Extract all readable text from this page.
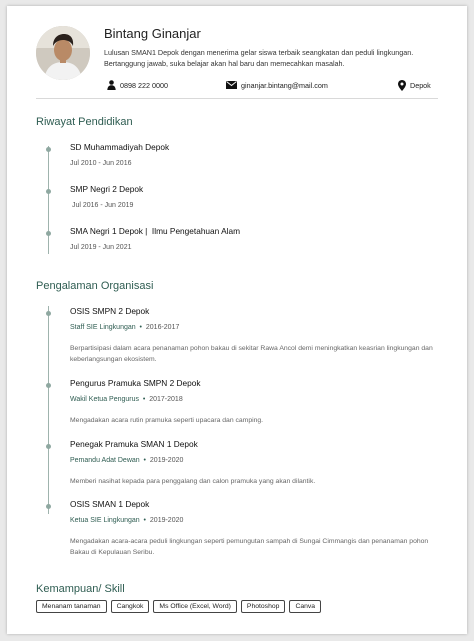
Bintang Ginanjar
Lulusan SMAN1 Depok dengan menerima gelar siswa terbaik seangkatan dan peduli lingkungan. Bertanggung jawab, suka belajar akan hal baru dan memecahkan masalah.
0898 222 0000	ginanjar.bintang@mail.com	Depok
Riwayat Pendidikan
SD Muhammadiyah Depok
Jul 2010 - Jun 2016
SMP Negri 2 Depok
Jul 2016 - Jun 2019
SMA Negri 1 Depok |  Ilmu Pengetahuan Alam
Jul 2019 - Jun 2021
Pengalaman Organisasi
OSIS SMPN 2 Depok
Staff SIE Lingkungan  •  2016-2017
Berpartisipasi dalam acara penanaman pohon bakau di sekitar Rawa Ancol demi meningkatkan keasrian lingkungan dan keberlangsungan ekosistem.
Pengurus Pramuka SMPN 2 Depok
Wakil Ketua Pengurus  •  2017-2018
Mengadakan acara rutin pramuka seperti upacara dan camping.
Penegak Pramuka SMAN 1 Depok
Pemandu Adat Dewan  •  2019-2020
Memberi nasihat kepada para penggalang dan calon pramuka yang akan dilantik.
OSIS SMAN 1 Depok
Ketua SIE Lingkungan  •  2019-2020
Mengadakan acara-acara peduli lingkungan seperti pemungutan sampah di Sungai Cimmangis dan penanaman pohon Bakau di Kepulauan Seribu.
Kemampuan/ Skill
Menanam tanaman	Cangkok	Ms Office (Excel, Word)	Photoshop	Canva
